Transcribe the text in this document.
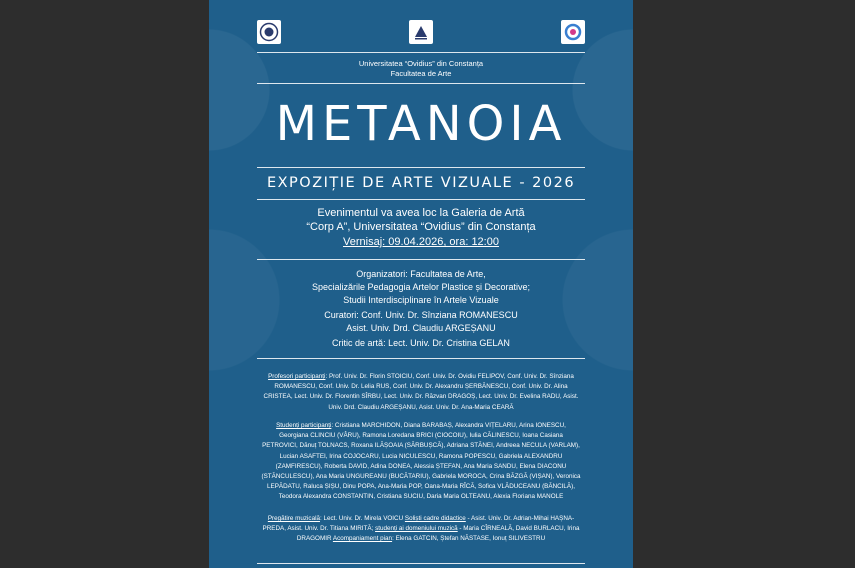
Universitatea “Ovidius” din Constanța
Facultatea de Arte
METANOIA
EXPOZIȚIE DE ARTE VIZUALE - 2026
Evenimentul va avea loc la Galeria de Artă
“Corp A”, Universitatea “Ovidius” din Constanța
Vernisaj: 09.04.2026, ora: 12:00
Organizatori: Facultatea de Arte,
Specializările Pedagogia Artelor Plastice și Decorative;
Studii Interdisciplinare în Artele Vizuale
Curatori: Conf. Univ. Dr. Sînziana ROMANESCU
Asist. Univ. Drd. Claudiu ARGEȘANU
Critic de artă: Lect. Univ. Dr. Cristina GELAN
Profesori participanți: Prof. Univ. Dr. Florin STOICIU, Conf. Univ. Dr. Ovidiu FELIPOV, Conf. Univ. Dr. Sînziana ROMANESCU, Conf. Univ. Dr. Lelia RUS, Conf. Univ. Dr. Alexandru ȘERBĂNESCU, Conf. Univ. Dr. Alina CRISTEA, Lect. Univ. Dr. Florentin SÎRBU, Lect. Univ. Dr. Răzvan DRAGOȘ, Lect. Univ. Dr. Evelina RADU, Asist. Univ. Drd. Claudiu ARGEȘANU, Asist. Univ. Dr. Ana-Maria CEARĂ
Studenți participanți: Cristiana MARCHIDON, Diana BARABAȘ, Alexandra VIȚELARU, Arina IONESCU, Georgiana CLINCIU (VÂRU), Ramona Loredana BRICI (CIOCOIU), Iulia CĂLINESCU, Ioana Casiana PETROVICI, Dănuț TOLNACS, Roxana ILĂȘOAIA (SĂRBUȘCĂ), Adriana STĂNEI, Andreea NECULA (VARLAM), Lucian ASAFTEI, Irina COJOCARU, Lucia NICULESCU, Ramona POPESCU, Gabriela ALEXANDRU (ZAMFIRESCU), Roberta DAVID, Adina DONEA, Alessia ȘTEFAN, Ana Maria SANDU, Elena DIACONU (STĂNCULESCU), Ana Maria UNGUREANU (BUCĂTARIU), Gabriela MOROCA, Crina BĂZGĂ (VIȘAN), Veronica LEPĂDATU, Raluca ȘIȘU, Dinu POPA, Ana-Maria POP, Oana-Maria RÎCĂ, Sofica VLĂDUCEANU (BĂNCILĂ), Teodora Alexandra CONSTANTIN, Cristiana SUCIU, Daria Maria OLTEANU, Alexia Floriana MANOLE
Pregătire muzicală: Lect. Univ. Dr. Mirela VOICU Soliști cadre didactice - Asist. Univ. Dr. Adrian-Mihai HAȘNA-PREDA, Asist. Univ. Dr. Titiana MIRITĂ; studenți ai domeniului muzică - Maria CÎRNEALĂ, David BURLACU, Irina DRAGOMIR Acompaniament pian: Elena GATCIN, Ștefan NĂSTASE, Ionuț SILIVESTRU
